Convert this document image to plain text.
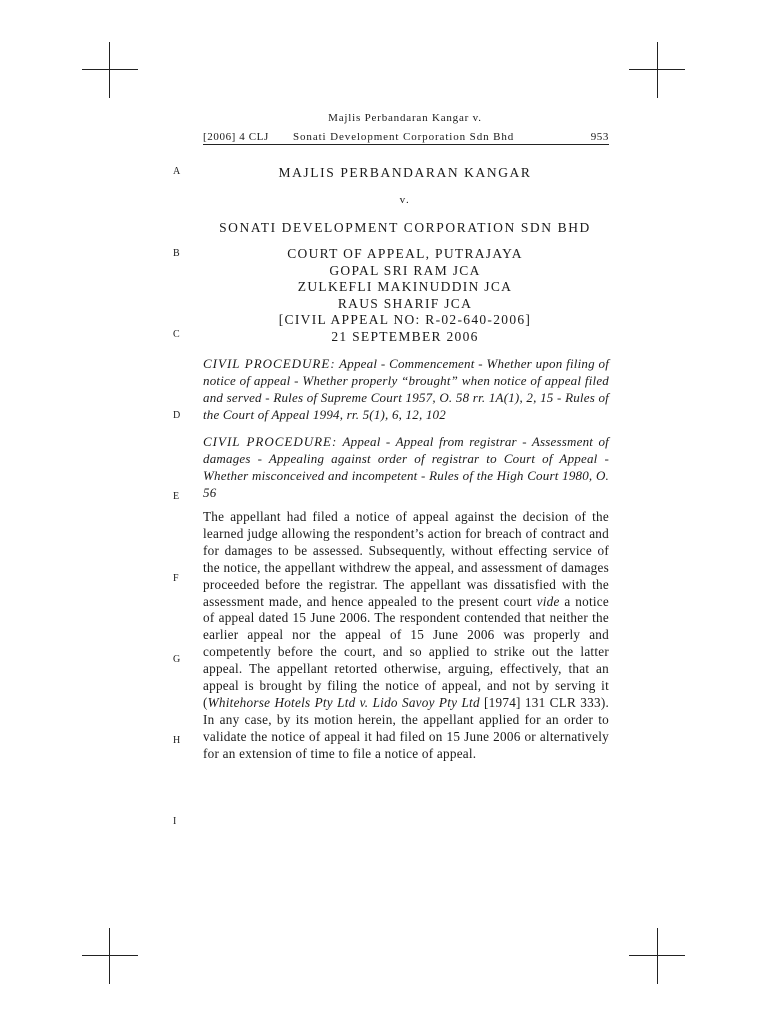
Majlis Perbandaran Kangar v.
[2006] 4 CLJ Sonati Development Corporation Sdn Bhd	953
A
B
C
D
E
F
G
H
I
MAJLIS PERBANDARAN KANGAR
v.
SONATI DEVELOPMENT CORPORATION SDN BHD
COURT OF APPEAL, PUTRAJAYA
GOPAL SRI RAM JCA
ZULKEFLI MAKINUDDIN JCA
RAUS SHARIF JCA
[CIVIL APPEAL NO: R-02-640-2006]
21 SEPTEMBER 2006
CIVIL PROCEDURE: Appeal - Commencement - Whether upon filing of notice of appeal - Whether properly “brought” when notice of appeal filed and served - Rules of Supreme Court 1957, O. 58 rr. 1A(1), 2, 15 - Rules of the Court of Appeal 1994, rr. 5(1), 6, 12, 102
CIVIL PROCEDURE: Appeal - Appeal from registrar - Assessment of damages - Appealing against order of registrar to Court of Appeal - Whether misconceived and incompetent - Rules of the High Court 1980, O. 56
The appellant had filed a notice of appeal against the decision of the learned judge allowing the respondent’s action for breach of contract and for damages to be assessed. Subsequently, without effecting service of the notice, the appellant withdrew the appeal, and assessment of damages proceeded before the registrar. The appellant was dissatisfied with the assessment made, and hence appealed to the present court vide a notice of appeal dated 15 June 2006. The respondent contended that neither the earlier appeal nor the appeal of 15 June 2006 was properly and competently before the court, and so applied to strike out the latter appeal. The appellant retorted otherwise, arguing, effectively, that an appeal is brought by filing the notice of appeal, and not by serving it (Whitehorse Hotels Pty Ltd v. Lido Savoy Pty Ltd [1974] 131 CLR 333). In any case, by its motion herein, the appellant applied for an order to validate the notice of appeal it had filed on 15 June 2006 or alternatively for an extension of time to file a notice of appeal.
